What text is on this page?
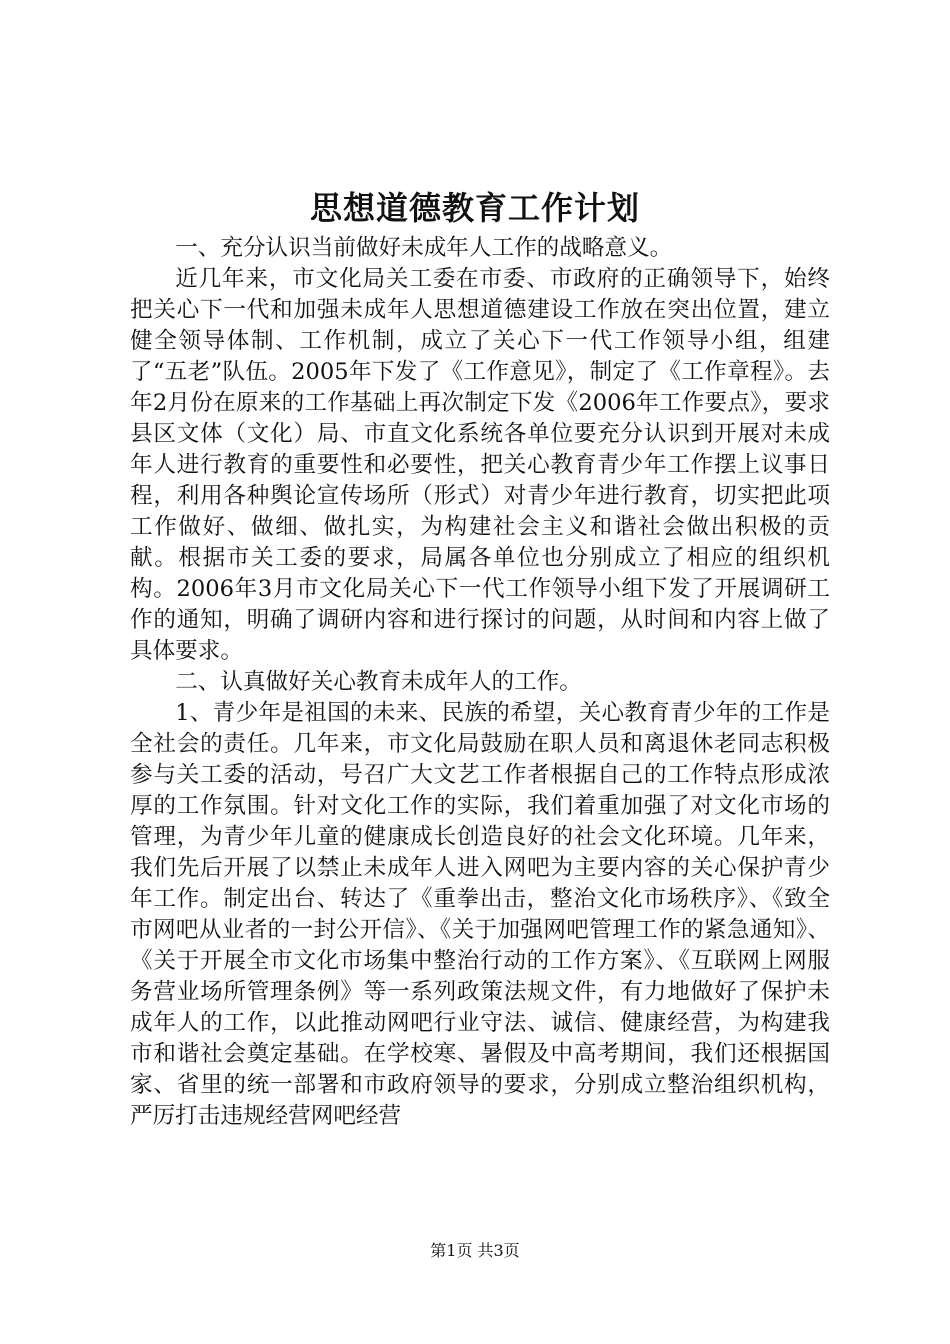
思想道德教育工作计划

一、充分认识当前做好未成年人工作的战略意义。

近几年来，市文化局关工委在市委、市政府的正确领导下，始终把关心下一代和加强未成年人思想道德建设工作放在突出位置，建立健全领导体制、工作机制，成立了关心下一代工作领导小组，组建了“五老”队伍。2005年下发了《工作意见》，制定了《工作章程》。去年2月份在原来的工作基础上再次制定下发《2006年工作要点》，要求县区文体（文化）局、市直文化系统各单位要充分认识到开展对未成年人进行教育的重要性和必要性，把关心教育青少年工作摆上议事日程，利用各种舆论宣传场所（形式）对青少年进行教育，切实把此项工作做好、做细、做扎实，为构建社会主义和谐社会做出积极的贡献。根据市关工委的要求，局属各单位也分别成立了相应的组织机构。2006年3月市文化局关心下一代工作领导小组下发了开展调研工作的通知，明确了调研内容和进行探讨的问题，从时间和内容上做了具体要求。

二、认真做好关心教育未成年人的工作。

1、青少年是祖国的未来、民族的希望，关心教育青少年的工作是全社会的责任。几年来，市文化局鼓励在职人员和离退休老同志积极参与关工委的活动，号召广大文艺工作者根据自己的工作特点形成浓厚的工作氛围。针对文化工作的实际，我们着重加强了对文化市场的管理，为青少年儿童的健康成长创造良好的社会文化环境。几年来，我们先后开展了以禁止未成年人进入网吧为主要内容的关心保护青少年工作。制定出台、转达了《重拳出击，整治文化市场秩序》、《致全市网吧从业者的一封公开信》、《关于加强网吧管理工作的紧急通知》、《关于开展全市文化市场集中整治行动的工作方案》、《互联网上网服务营业场所管理条例》等一系列政策法规文件，有力地做好了保护未成年人的工作，以此推动网吧行业守法、诚信、健康经营，为构建我市和谐社会奠定基础。在学校寒、暑假及中高考期间，我们还根据国家、省里的统一部署和市政府领导的要求，分别成立整治组织机构，严厉打击违规经营网吧经营

第1页 共3页
